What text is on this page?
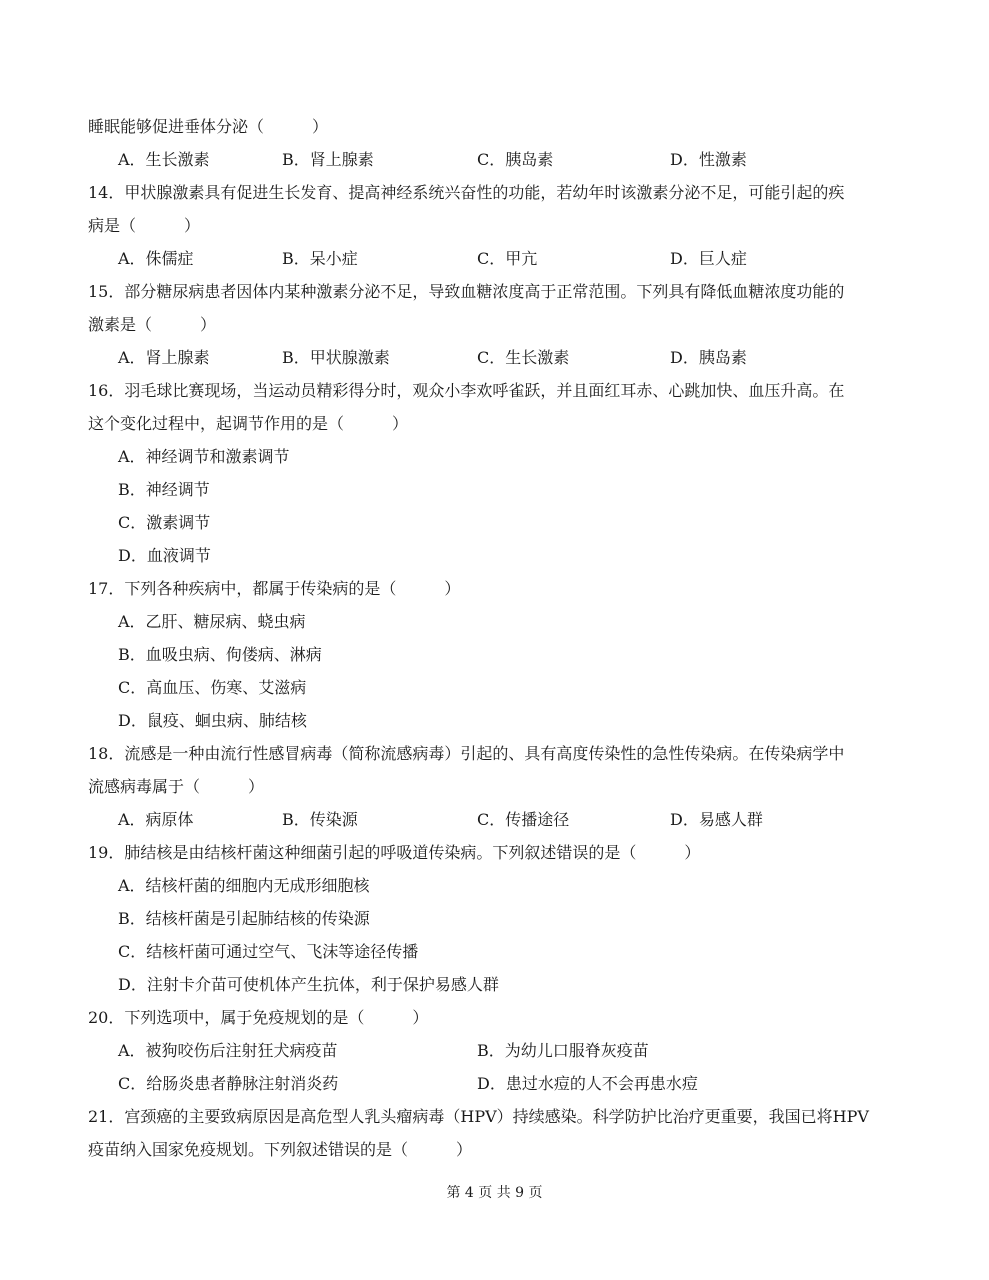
睡眠能够促进垂体分泌（　　　）
A．生长激素	B．肾上腺素	C．胰岛素	D．性激素
14．甲状腺激素具有促进生长发育、提高神经系统兴奋性的功能，若幼年时该激素分泌不足，可能引起的疾
病是（　　　）
A．侏儒症	B．呆小症	C．甲亢	D．巨人症
15．部分糖尿病患者因体内某种激素分泌不足，导致血糖浓度高于正常范围。下列具有降低血糖浓度功能的
激素是（　　　）
A．肾上腺素	B．甲状腺激素	C．生长激素	D．胰岛素
16．羽毛球比赛现场，当运动员精彩得分时，观众小李欢呼雀跃，并且面红耳赤、心跳加快、血压升高。在
这个变化过程中，起调节作用的是（　　　）
A．神经调节和激素调节
B．神经调节
C．激素调节
D．血液调节
17．下列各种疾病中，都属于传染病的是（　　　）
A．乙肝、糖尿病、蛲虫病
B．血吸虫病、佝偻病、淋病
C．高血压、伤寒、艾滋病
D．鼠疫、蛔虫病、肺结核
18．流感是一种由流行性感冒病毒（简称流感病毒）引起的、具有高度传染性的急性传染病。在传染病学中
流感病毒属于（　　　）
A．病原体	B．传染源	C．传播途径	D．易感人群
19．肺结核是由结核杆菌这种细菌引起的呼吸道传染病。下列叙述错误的是（　　　）
A．结核杆菌的细胞内无成形细胞核
B．结核杆菌是引起肺结核的传染源
C．结核杆菌可通过空气、飞沫等途径传播
D．注射卡介苗可使机体产生抗体，利于保护易感人群
20．下列选项中，属于免疫规划的是（　　　）
A．被狗咬伤后注射狂犬病疫苗	B．为幼儿口服脊灰疫苗
C．给肠炎患者静脉注射消炎药	D．患过水痘的人不会再患水痘
21．宫颈癌的主要致病原因是高危型人乳头瘤病毒（HPV）持续感染。科学防护比治疗更重要，我国已将HPV
疫苗纳入国家免疫规划。下列叙述错误的是（　　　）
第 4 页 共 9 页
